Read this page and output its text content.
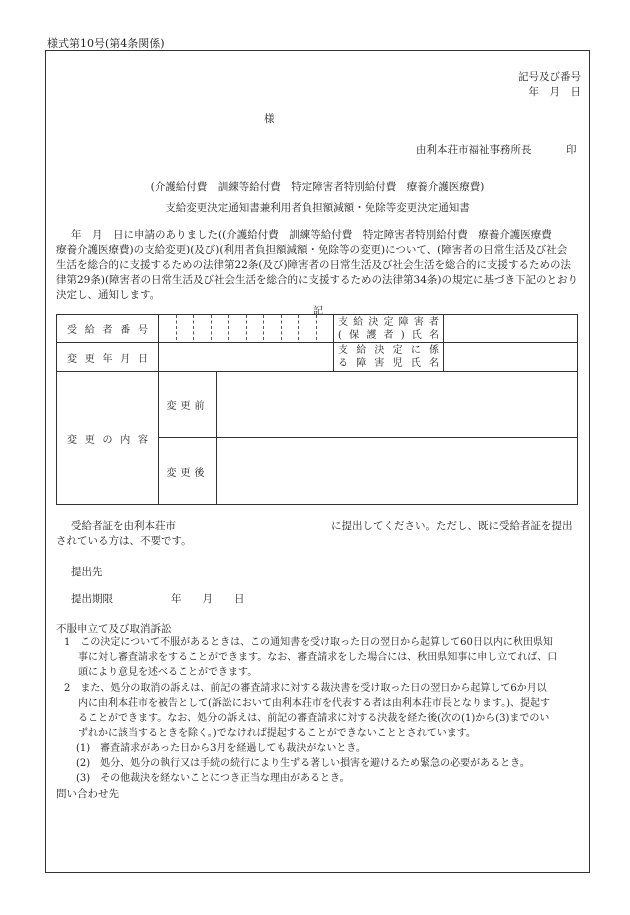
様式第10号(第4条関係)
記号及び番号
年　月　日
様
由利本荘市福祉事務所長	印
(介護給付費　訓練等給付費　特定障害者特別給付費　療養介護医療費)
支給変更決定通知書兼利用者負担額減額・免除等変更決定通知書
年　月　日に申請のありました((介護給付費　訓練等給付費　特定障害者特別給付費　療養介護医療費
療養介護医療費)の支給変更)(及び)(利用者負担額減額・免除等の変更)について、(障害者の日常生活及び社会
生活を総合的に支援するための法律第22条(及び)障害者の日常生活及び社会生活を総合的に支援するための法
律第29条)(障害者の日常生活及び社会生活を総合的に支援するための法律第34条)の規定に基づき下記のとおり
決定し、通知します。
記
受給者番号			支給決定障害者
(保護者)氏名	

変更年月日			支給決定に係
る障害児氏名	

変更の内容	変更前			
	変更後			
受給者証を由利本荘市	に提出してください。ただし、既に受給者証を提出
されている方は、不要です。
提出先
提出期限	年　　月　　日
不服申立て及び取消訴訟
1　この決定について不服があるときは、この通知書を受け取った日の翌日から起算して60日以内に秋田県知
事に対し審査請求をすることができます。なお、審査請求をした場合には、秋田県知事に申し立てれば、口
頭により意見を述べることができます。
2　また、処分の取消の訴えは、前記の審査請求に対する裁決書を受け取った日の翌日から起算して6か月以
内に由利本荘市を被告として(訴訟において由利本荘市を代表する者は由利本荘市長となります。)、提起す
ることができます。なお、処分の訴えは、前記の審査請求に対する決裁を経た後(次の(1)から(3)までのい
ずれかに該当するときを除く。)でなければ提起することができないこととされています。
(1)　審査請求があった日から3月を経過しても裁決がないとき。
(2)　処分、処分の執行又は手続の続行により生ずる著しい損害を避けるため緊急の必要があるとき。
(3)　その他裁決を経ないことにつき正当な理由があるとき。
問い合わせ先
